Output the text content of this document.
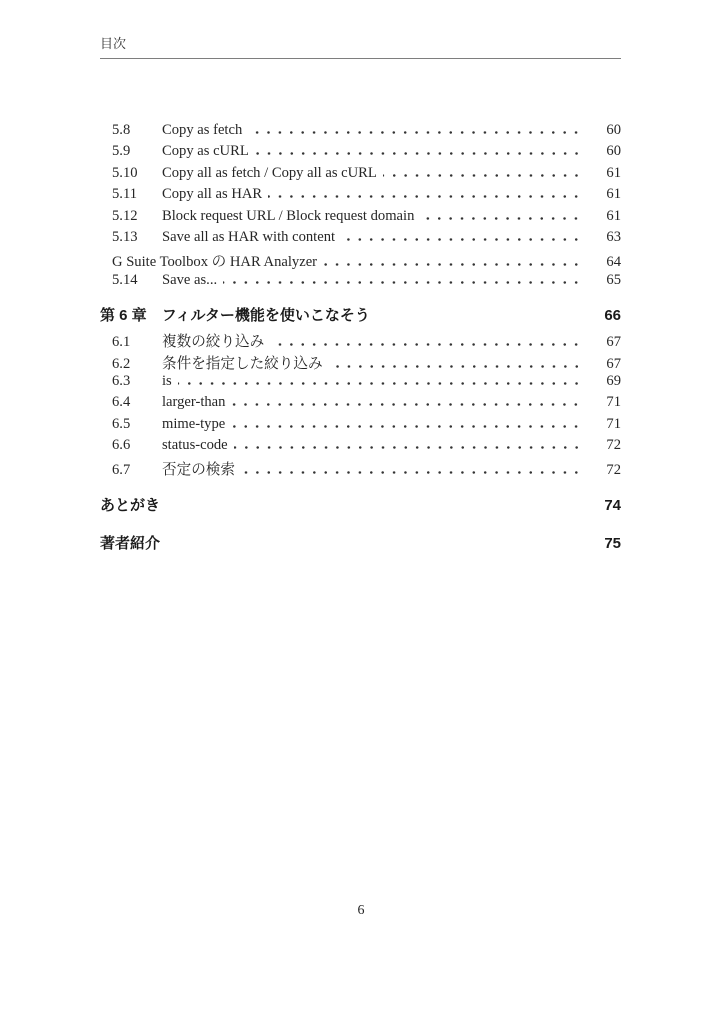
目次
5.8	Copy as fetch	60
5.9	Copy as cURL	60
5.10	Copy all as fetch / Copy all as cURL	61
5.11	Copy all as HAR	61
5.12	Block request URL / Block request domain	61
5.13	Save all as HAR with content	63
G Suite Toolbox の HAR Analyzer	64
5.14	Save as...	65
第 6 章 フィルター機能を使いこなそう	66
6.1	複数の絞り込み	67
6.2	条件を指定した絞り込み	67
6.3	is	69
6.4	larger-than	71
6.5	mime-type	71
6.6	status-code	72
6.7	否定の検索	72
あとがき	74
著者紹介	75
6
